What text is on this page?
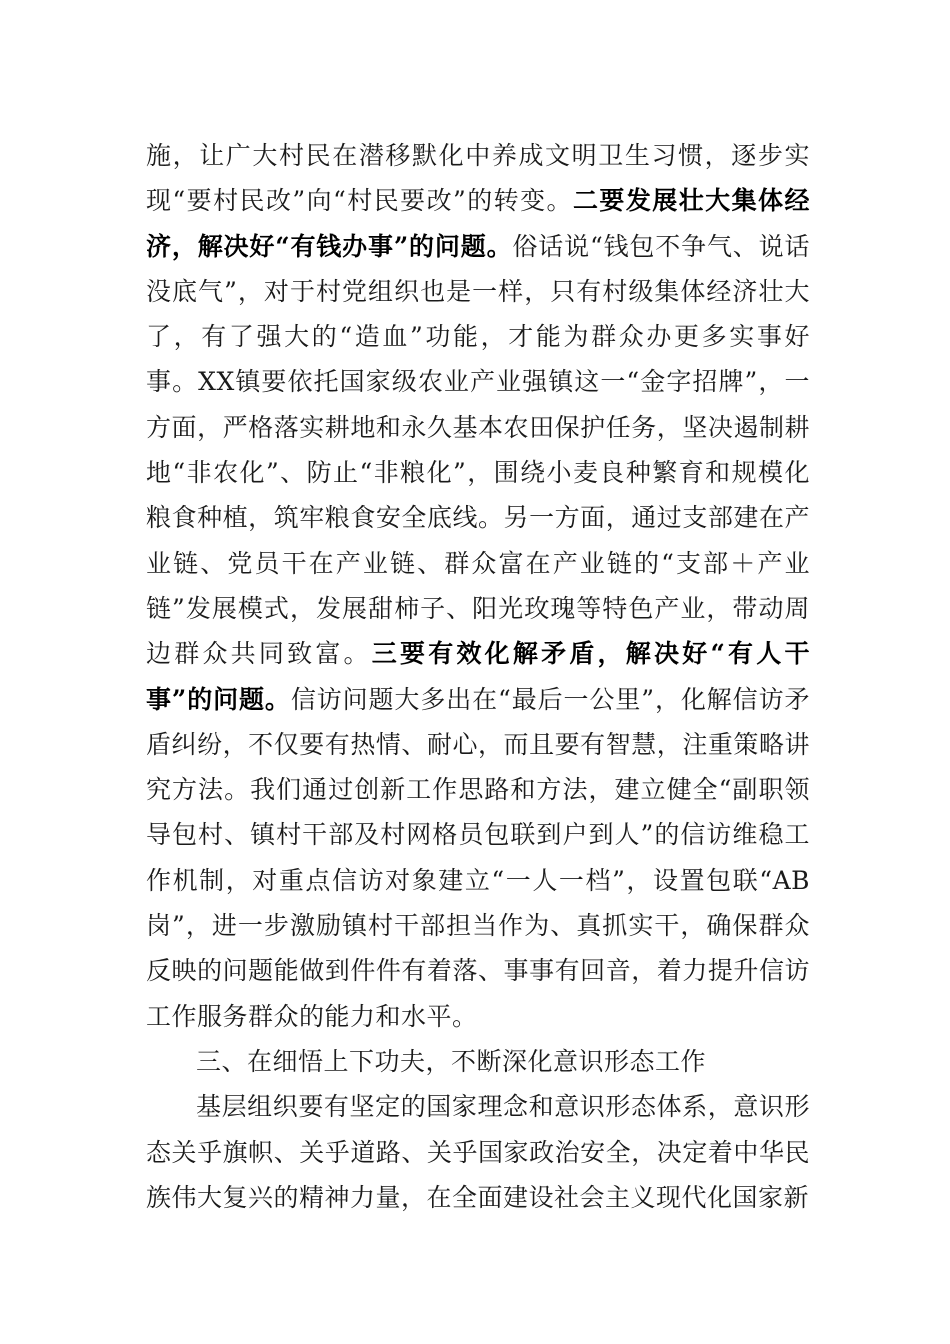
施，让广大村民在潜移默化中养成文明卫生习惯，逐步实现“要村民改”向“村民要改”的转变。二要发展壮大集体经济，解决好“有钱办事”的问题。俗话说“钱包不争气、说话没底气”，对于村党组织也是一样，只有村级集体经济壮大了，有了强大的“造血”功能，才能为群众办更多实事好事。XX镇要依托国家级农业产业强镇这一“金字招牌”，一方面，严格落实耕地和永久基本农田保护任务，坚决遏制耕地“非农化”、防止“非粮化”，围绕小麦良种繁育和规模化粮食种植，筑牢粮食安全底线。另一方面，通过支部建在产业链、党员干在产业链、群众富在产业链的“支部＋产业链”发展模式，发展甜柿子、阳光玫瑰等特色产业，带动周边群众共同致富。三要有效化解矛盾，解决好“有人干事”的问题。信访问题大多出在“最后一公里”，化解信访矛盾纠纷，不仅要有热情、耐心，而且要有智慧，注重策略讲究方法。我们通过创新工作思路和方法，建立健全“副职领导包村、镇村干部及村网格员包联到户到人”的信访维稳工作机制，对重点信访对象建立“一人一档”，设置包联“AB岗”，进一步激励镇村干部担当作为、真抓实干，确保群众反映的问题能做到件件有着落、事事有回音，着力提升信访工作服务群众的能力和水平。

三、在细悟上下功夫，不断深化意识形态工作

基层组织要有坚定的国家理念和意识形态体系，意识形态关乎旗帜、关乎道路、关乎国家政治安全，决定着中华民族伟大复兴的精神力量，在全面建设社会主义现代化国家新
